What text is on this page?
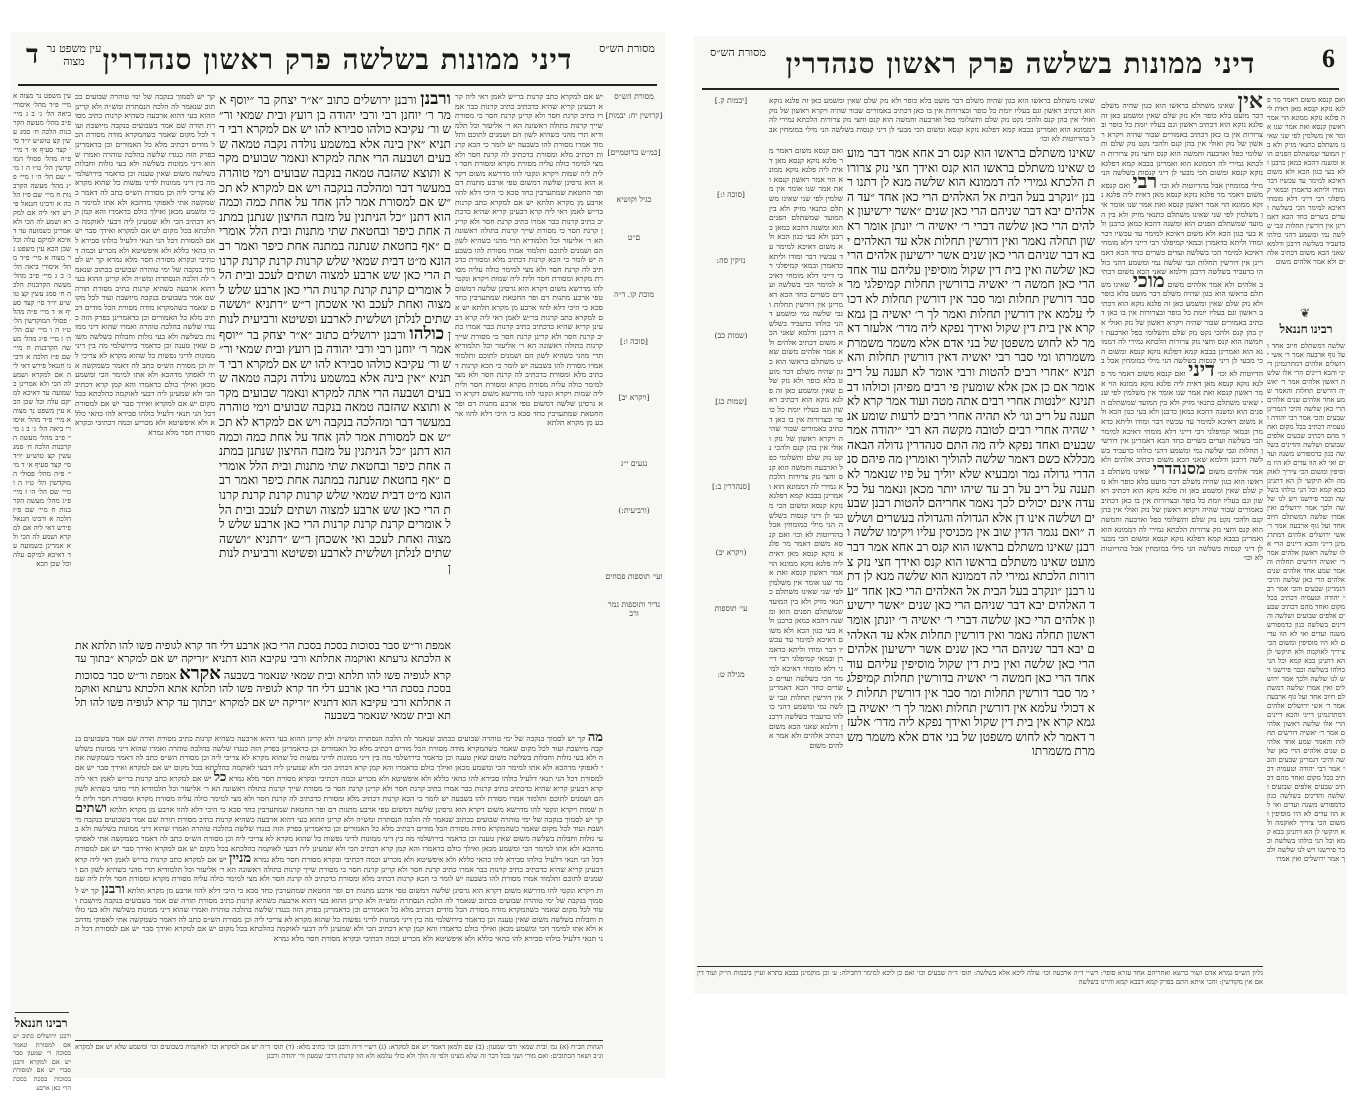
ד עין משפט נר מצוה דיני ממונות בשלשה פרק ראשון סנהדרין	מסורת הש״ס
מסורת הש״ס

[קרושין יח: יבמות]

[כמ״ש ברוטמיים]

כגיל וקושיא

ם״ט

מוכת קו. ד״ה

[סוכה ו:]

[ויקרא יב]

נגעים י״ג

(ורביעית:)

ועי׳ תוספות פסחים

נדיר ותוספות גמר ורב
יש אם למקרא כתב קרנות בר״ש לאמן ראי ליה קרא דבעינן קריא שהיא כדכתיב כתיב קרנות כבר אמרו כתיב קרנת חסר ולא קרינן קרנת חסר כי מסורת שייך קרנות בתולה ראשונה הא ר׳ אליעזר וכל תלמודיא תרי מהני כשהיא לשון הם ושמנים לתוכם ותלמוד אמרו מסורת להו בשבעה יש לומר כי הכא קרנות דכתיב מלא ומסורת כדכתיב לה קרנת חסר ולא מצי למימר כולה עליה מסורת מקרא ומסורת חסר ולית ליה שמות ויקרא ונקטי להו מדרשא משום דקרא הוא גרסינן שלשה דמשום טפי ארבע מתנות דם ופר החטאת שמתערבין כחד סכא כי היכי דלא להוו ארבע מן מקרא תלתא יש אם למקרא כתב קרנות בר״ש לאמן ראי ליה קרא דבעינן קריא שהיא כדכתיב כתיב קרנות כבר אמרו כתיב קרנת חסר ולא קרינן קרנת חסר כי מסורת שייך קרנות בתולה ראשונה הא ר׳ אליעזר וכל תלמודיא תרי מהני כשהיא לשון הם ושמנים לתוכם ותלמוד אמרו מסורת להו בשבעה יש לומר כי הכא קרנות דכתיב מלא ומסורת כדכתיב לה קרנת חסר ולא מצי למימר כולה עליה מסורת מקרא ומסורת חסר ולית ליה שמות ויקרא ונקטי להו מדרשא משום דקרא הוא גרסינן שלשה דמשום טפי ארבע מתנות דם ופר החטאת שמתערבין כחד סכא כי היכי דלא להוו ארבע מן מקרא תלתא יש אם למקרא כתב קרנות בר״ש לאמן ראי ליה קרא דבעינן קריא שהיא כדכתיב כתיב קרנות כבר אמרו כתיב קרנת חסר ולא קרינן קרנת חסר כי מסורת שייך קרנות בתולה ראשונה הא ר׳ אליעזר וכל תלמודיא תרי מהני כשהיא לשון הם ושמנים לתוכם ותלמוד אמרו מסורת להו בשבעה יש לומר כי הכא קרנות דכתיב מלא ומסורת כדכתיב לה קרנת חסר ולא מצי למימר כולה עליה מסורת מקרא ומסורת חסר ולית ליה שמות ויקרא ונקטי להו מדרשא משום דקרא הוא גרסינן שלשה דמשום טפי ארבע מתנות דם ופר החטאת שמתערבין כחד סכא כי היכי דלא להוו ארבע מן מקרא תלתא
ורבנן ורבנן ירושלים כתוב ״א״ר יצחק בר ״יוסף אמר ר׳ יוחנן רבי ורבי יהודה בן רועץ ובית שמאי ור״ש ור׳ עקיבא כולהו סבירא להו יש אם למקרא רבי דתניא ״אין בינה אלא במשמע נולדה נקבה טמאה שבעים ושבעה הרי אתה למקרא ונאמר שבועים מקרא ותוצא שהזבה טמאה בנקבה שבועים וימי טוהרה במעשר דבר ומהלכה בנקבה ויש אם למקרא לא תכ״ש אם למסורת אמר להן אחד על אחת כמה וכמה הוא דתנן ״כל הניתנין על מזבח החיצון שנתנן במתנה אחת כיפר ובחטאת שתי מתנות ובית הלל אומרים ״אף בחטאת שנתנה במתנה אחת כיפר ואמר רב הונא מ״ט דבית שמאי שלש קרנות קרנת קרנת קרנות הרי כאן שש ארבע למצוה ושתים לעכב ובית הלל אומרים קרנת קרנת קרנות הרי כאן ארבע שלש למצוה ואחת לעכב ואי אשכחן ר״ש ״דתניא ״וששה שתים לנלתן ושלשית לארבע ופשיטא ורביעית לנותן כולהו ורבנן ירושלים כתוב ״א״ר יצחק בר ״יוסף אמר ר׳ יוחנן רבי ורבי יהודה בן רועץ ובית שמאי ור״ש ור׳ עקיבא כולהו סבירא להו יש אם למקרא רבי דתניא ״אין בינה אלא במשמע נולדה נקבה טמאה שבעים ושבעה הרי אתה למקרא ונאמר שבועים מקרא ותוצא שהזבה טמאה בנקבה שבועים וימי טוהרה במעשר דבר ומהלכה בנקבה ויש אם למקרא לא תכ״ש אם למסורת אמר להן אחד על אחת כמה וכמה הוא דתנן ״כל הניתנין על מזבח החיצון שנתנן במתנה אחת כיפר ובחטאת שתי מתנות ובית הלל אומרים ״אף בחטאת שנתנה במתנה אחת כיפר ואמר רב הונא מ״ט דבית שמאי שלש קרנות קרנת קרנת קרנות הרי כאן שש ארבע למצוה ושתים לעכב ובית הלל אומרים קרנת קרנת קרנות הרי כאן ארבע שלש למצוה ואחת לעכב ואי אשכחן ר״ש ״דתניא ״וששה שתים לנלתן ושלשית לארבע ופשיטא ורביעית לנותן
קך יש לסמוך בנקבה של ימי טוהרה שבועים ככתוב שנאמר לה הלכה הנסתרת ומש״ה ולא קרינן ההוא בעי דהוא ארבעה כשהיא קרנות כתיב מסורת תורה שם אמר בשבועים בנקבה מיושבת ועוד לכל מקום שאמר כשהמקרא מודה מסורת הכל מודים דכתיב מלא כל האמורים וכן כדאמרינן בפרק הזה כנגדו שלשה בהלכה טוהרה ואמרו שהוא דיני ממונות בשלשה ולא בעי גזלות וחבלות בשלשה משום שאין טענה וכן כדאמר בירושלמי מה בין דיני ממונות לדיני נפשות כל שהוא מקרא לא צריכי ליה וכן מסורת הש״ס כתב לה דאמר כשמקשה אתי לאפוקי מדהכא ולא אתו למימר הכי ומשמע מכאן ואילך כולם כדאמרו והא קמן קרא דכתיב הכי ולא שמעינן ליה דבעי לאוקמה כהלכתא בכל מקום יש אם למקרא ואידך סבר יש אם למסורת דכל הני תנאי דלעיל כולהו סבירא להו כהאי כללא ולא איפשיטא ולא מכריע וכמה דכתיבי ובקרא מסורת חסר מלא גמרא קך יש לסמוך בנקבה של ימי טוהרה שבועים ככתוב שנאמר לה הלכה הנסתרת ומש״ה ולא קרינן ההוא בעי דהוא ארבעה כשהיא קרנות כתיב מסורת תורה שם אמר בשבועים בנקבה מיושבת ועוד לכל מקום שאמר כשהמקרא מודה מסורת הכל מודים דכתיב מלא כל האמורים וכן כדאמרינן בפרק הזה כנגדו שלשה בהלכה טוהרה ואמרו שהוא דיני ממונות בשלשה ולא בעי גזלות וחבלות בשלשה משום שאין טענה וכן כדאמר בירושלמי מה בין דיני ממונות לדיני נפשות כל שהוא מקרא לא צריכי ליה וכן מסורת הש״ס כתב לה דאמר כשמקשה אתי לאפוקי מדהכא ולא אתו למימר הכי ומשמע מכאן ואילך כולם כדאמרו והא קמן קרא דכתיב הכי ולא שמעינן ליה דבעי לאוקמה כהלכתא בכל מקום יש אם למקרא ואידך סבר יש אם למסורת דכל הני תנאי דלעיל כולהו סבירא להו כהאי כללא ולא איפשיטא ולא מכריע וכמה דכתיבי ובקרא מסורת חסר מלא גמרא
עין משפט נר מצוה א מיי׳ פ״ד מהל׳ איסורי ביאה הל׳ ג׳ ב ג מיי׳ פ״ב מהל׳ מעשה הקרבנות הלכה ח׳ סמג עשין קצ טוש״ע יו״ד סי׳ קצד סעיף א׳ ד מיי׳ פ״ה מהל׳ פסולי המוקדשין הל׳ ט״ו ה ו מיי׳ שם הל׳ ה׳ ז מיי׳ פ״ג מהל׳ מעשה הקרבנות ח מיי׳ שם פ״ז הלכה א ורבינו חננאל פירש דאי ליה אם למקרא ושמע לה הכי ולא אמרינן כשמועה עד דאיכא למיקם עלה וכל שכן הכא עין משפט נר מצוה א מיי׳ פ״ד מהל׳ איסורי ביאה הל׳ ג׳ ב ג מיי׳ פ״ב מהל׳ מעשה הקרבנות הלכה ח׳ סמג עשין קצ טוש״ע יו״ד סי׳ קצד סעיף א׳ ד מיי׳ פ״ה מהל׳ פסולי המוקדשין הל׳ ט״ו ה ו מיי׳ שם הל׳ ה׳ ז מיי׳ פ״ג מהל׳ מעשה הקרבנות ח מיי׳ שם פ״ז הלכה א ורבינו חננאל פירש דאי ליה אם למקרא ושמע לה הכי ולא אמרינן כשמועה עד דאיכא למיקם עלה וכל שכן הכא עין משפט נר מצוה א מיי׳ פ״ד מהל׳ איסורי ביאה הל׳ ג׳ ב ג מיי׳ פ״ב מהל׳ מעשה הקרבנות הלכה ח׳ סמג עשין קצ טוש״ע יו״ד סי׳ קצד סעיף א׳ ד מיי׳ פ״ה מהל׳ פסולי המוקדשין הל׳ ט״ו ה ו מיי׳ שם הל׳ ה׳ ז מיי׳ פ״ג מהל׳ מעשה הקרבנות ח מיי׳ שם פ״ז הלכה א ורבינו חננאל פירש דאי ליה אם למקרא ושמע לה הכי ולא אמרינן כשמועה עד דאיכא למיקם עלה וכל שכן הכא
אמפת ור״ש סבר בסוכות בסכת בסכת הרי כאן ארבע דלי חד קרא לגופיה פשו להו תלתא אתא הלכתא גרעתא ואוקמה אתלתא ורבי עקיבא הוא דתניא ״זריקה יש אם למקרא ״בתוך עד קרא לגופיה פשו להו תלתא ובית שמאי שנאמר בשבעה אקרא אמפת ור״ש סבר בסוכות בסכת בסכת הרי כאן ארבע דלי חד קרא לגופיה פשו להו תלתא אתא הלכתא גרעתא ואוקמה אתלתא ורבי עקיבא הוא דתניא ״זריקה יש אם למקרא ״בתוך עד קרא לגופיה פשו להו תלתא ובית שמאי שנאמר בשבעה
מה קך יש לסמוך בנקבה של ימי טוהרה שבועים ככתוב שנאמר לה הלכה הנסתרת ומש״ה ולא קרינן ההוא בעי דהוא ארבעה כשהיא קרנות כתיב מסורת תורה שם אמר בשבועים בנקבה מיושבת ועוד לכל מקום שאמר כשהמקרא מודה מסורת הכל מודים דכתיב מלא כל האמורים וכן כדאמרינן בפרק הזה כנגדו שלשה בהלכה טוהרה ואמרו שהוא דיני ממונות בשלשה ולא בעי גזלות וחבלות בשלשה משום שאין טענה וכן כדאמר בירושלמי מה בין דיני ממונות לדיני נפשות כל שהוא מקרא לא צריכי ליה וכן מסורת הש״ס כתב לה דאמר כשמקשה אתי לאפוקי מדהכא ולא אתו למימר הכי ומשמע מכאן ואילך כולם כדאמרו והא קמן קרא דכתיב הכי ולא שמעינן ליה דבעי לאוקמה כהלכתא בכל מקום יש אם למקרא ואידך סבר יש אם למסורת דכל הני תנאי דלעיל כולהו סבירא להו כהאי כללא ולא איפשיטא ולא מכריע וכמה דכתיבי ובקרא מסורת חסר מלא גמרא כל יש אם למקרא כתב קרנות בר״ש לאמן ראי ליה קרא דבעינן קריא שהיא כדכתיב כתיב קרנות כבר אמרו כתיב קרנת חסר ולא קרינן קרנת חסר כי מסורת שייך קרנות בתולה ראשונה הא ר׳ אליעזר וכל תלמודיא תרי מהני כשהיא לשון הם ושמנים לתוכם ותלמוד אמרו מסורת להו בשבעה יש לומר כי הכא קרנות דכתיב מלא ומסורת כדכתיב לה קרנת חסר ולא מצי למימר כולה עליה מסורת מקרא ומסורת חסר ולית ליה שמות ויקרא ונקטי להו מדרשא משום דקרא הוא גרסינן שלשה דמשום טפי ארבע מתנות דם ופר החטאת שמתערבין כחד סכא כי היכי דלא להוו ארבע מן מקרא תלתא ושתים קך יש לסמוך בנקבה של ימי טוהרה שבועים ככתוב שנאמר לה הלכה הנסתרת ומש״ה ולא קרינן ההוא בעי דהוא ארבעה כשהיא קרנות כתיב מסורת תורה שם אמר בשבועים בנקבה מיושבת ועוד לכל מקום שאמר כשהמקרא מודה מסורת הכל מודים דכתיב מלא כל האמורים וכן כדאמרינן בפרק הזה כנגדו שלשה בהלכה טוהרה ואמרו שהוא דיני ממונות בשלשה ולא בעי גזלות וחבלות בשלשה משום שאין טענה וכן כדאמר בירושלמי מה בין דיני ממונות לדיני נפשות כל שהוא מקרא לא צריכי ליה וכן מסורת הש״ס כתב לה דאמר כשמקשה אתי לאפוקי מדהכא ולא אתו למימר הכי ומשמע מכאן ואילך כולם כדאמרו והא קמן קרא דכתיב הכי ולא שמעינן ליה דבעי לאוקמה כהלכתא בכל מקום יש אם למקרא ואידך סבר יש אם למסורת דכל הני תנאי דלעיל כולהו סבירא להו כהאי כללא ולא איפשיטא ולא מכריע וכמה דכתיבי ובקרא מסורת חסר מלא גמרא מניין יש אם למקרא כתב קרנות בר״ש לאמן ראי ליה קרא דבעינן קריא שהיא כדכתיב כתיב קרנות כבר אמרו כתיב קרנת חסר ולא קרינן קרנת חסר כי מסורת שייך קרנות בתולה ראשונה הא ר׳ אליעזר וכל תלמודיא תרי מהני כשהיא לשון הם ושמנים לתוכם ותלמוד אמרו מסורת להו בשבעה יש לומר כי הכא קרנות דכתיב מלא ומסורת כדכתיב לה קרנת חסר ולא מצי למימר כולה עליה מסורת מקרא ומסורת חסר ולית ליה שמות ויקרא ונקטי להו מדרשא משום דקרא הוא גרסינן שלשה דמשום טפי ארבע מתנות דם ופר החטאת שמתערבין כחד סכא כי היכי דלא להוו ארבע מן מקרא תלתא ורבנן קך יש לסמוך בנקבה של ימי טוהרה שבועים ככתוב שנאמר לה הלכה הנסתרת ומש״ה ולא קרינן ההוא בעי דהוא ארבעה כשהיא קרנות כתיב מסורת תורה שם אמר בשבועים בנקבה מיושבת ועוד לכל מקום שאמר כשהמקרא מודה מסורת הכל מודים דכתיב מלא כל האמורים וכן כדאמרינן בפרק הזה כנגדו שלשה בהלכה טוהרה ואמרו שהוא דיני ממונות בשלשה ולא בעי גזלות וחבלות בשלשה משום שאין טענה וכן כדאמר בירושלמי מה בין דיני ממונות לדיני נפשות כל שהוא מקרא לא צריכי ליה וכן מסורת הש״ס כתב לה דאמר כשמקשה אתי לאפוקי מדהכא ולא אתו למימר הכי ומשמע מכאן ואילך כולם כדאמרו והא קמן קרא דכתיב הכי ולא שמעינן ליה דבעי לאוקמה כהלכתא בכל מקום יש אם למקרא ואידך סבר יש אם למסורת דכל הני תנאי דלעיל כולהו סבירא להו כהאי כללא ולא איפשיטא ולא מכריע וכמה דכתיבי ובקרא מסורת חסר מלא גמרא
רבינו חננאל
הגהות הב״ח (א) גמ׳ ובית שמאי ורבי שמעון: (ב) שם ולמאן דאמר יש אם למקרא: (ג) רש״י ד״ה ורבנן וכו׳ כתיב מלא: (ד) תוס׳ ד״ה יש אם למקרא וכו׳ לאוקמיה בשבועים וכו׳ ומשמע שלא יש אם למקרא ונ״ב ושאר הכתובים: ואם מורי ושני בכל דבר זה שלא מצינו ולפי זה הלך ולא כולי עלמא ולא הוו קרנות דרבי שמעון ור׳ יהודה ורבנן
ורבנן ירושלים כתוב יש אם למסורת ונאמר בסוכה ר׳ שמעון סבר יש אם למקרא ורבנן סברי יש אם למסורת בסוכות בסכת בסכת הרי כאן ארבע
מסורת הש״ס דיני ממונות בשלשה פרק ראשון סנהדרין	6
ואם קנסא משום דאמר מר פלגא נזקא קנסא מאן דאית ליה פלגא נזקא ממונא הוי אמר ראשון קנסא ואת אמר שנו אומר אין משלמין לפי שני שאינו משתלם כתנאי מזיק ולא בין המועד שמשתלם הפנים הוא ומשנה דהכא כמאן כרבנן ולא בעי כגון הכא ולא משום דאיכא למימר עד עכשיו דבר ומודו וליתא כדאמרן ובמאי קמיפלגי רבי דייני דלא מומחי דאיכא למימר הכי בשלשה ועדים כשרים כחד הכא דאמרינן אין דורשין תחלות וגבי שלשה נמי ומשמע דהני כולהו כדעביד בשלשה דרבנן ודלמא שאני הכא משום דכתיב אלהים ולא אמר אלהים משום
❦
רבינו חננאל
שלשה דמשתלם חיוב אחד ועל גוף ארבעה אמר ר׳ אשי ירושלים אלהים דמתרגמינן דייני והכא דיינים הרי אלו שלשה ראשון אלהים אמר ר׳ יאשיה דורשים תחלות והאמר שמע אחד אלהים שנים אלהים הרי כאן שלשה והיכי דגמרינן שבעים והכי אמר רבי יהודה וטעמיה דכתיב בכל מקום ואחד מהם דכתיב שבעים אלפים שבועים ושלשה והדינים בשלשה כגון כדמפורש משנה ועדים ואי לא הוו עדים לא היו מוסיפין ומשום הכי ציריך לאוקמה ולא תיקשי לן הא דתנינן בבא קמא וכל הני כולהו בשלשה וכבר פירשנו ויש לנו שלשה ולכך אמר ירושלים ואין אמרו שלשה דמשתלם חיוב אחד ועל גוף ארבעה אמר ר׳ אשי ירושלים אלהים דמתרגמינן דייני והכא דיינים הרי אלו שלשה ראשון אלהים אמר ר׳ יאשיה דורשים תחלות והאמר שמע אחד אלהים שנים אלהים הרי כאן שלשה והיכי דגמרינן שבעים והכי אמר רבי יהודה וטעמיה דכתיב בכל מקום ואחד מהם דכתיב שבעים אלפים שבועים ושלשה והדינים בשלשה כגון כדמפורש משנה ועדים ואי לא הוו עדים לא היו מוסיפין ומשום הכי ציריך לאוקמה ולא תיקשי לן הא דתנינן בבא קמא וכל הני כולהו בשלשה וכבר פירשנו ויש לנו שלשה ולכך אמר ירושלים ואין אמרו שלשה דמשתלם חיוב אחד ועל גוף ארבעה אמר ר׳ אשי ירושלים אלהים דמתרגמינן דייני והכא דיינים הרי אלו שלשה ראשון אלהים אמר ר׳ יאשיה דורשים תחלות והאמר שמע אחד אלהים שנים אלהים הרי כאן שלשה והיכי דגמרינן שבעים והכי אמר רבי יהודה וטעמיה דכתיב בכל מקום ואחד מהם דכתיב שבעים אלפים שבועים ושלשה והדינים בשלשה כגון כדמפורש משנה ועדים ואי לא הוו עדים לא היו מוסיפין ומשום הכי ציריך לאוקמה ולא תיקשי לן הא דתנינן בבא קמא וכל הני כולהו בשלשה וכבר פירשנו ויש לנו שלשה ולכך אמר ירושלים ואין אמרו
אין שאינו משתלם בראשו הוא כגון שהיה משלם דבר מועט בלא כופר ולא נזק שלם שאין ומשמע כאן זה פלגא נזקא הוא דכתיב ראשון וגם בעליו יומת כל כופר ובצרורות אין בו כאן דכתיב באמורים שבור שהיה ויקרא ראשון של נזק ואולי אין בהן קנס ולהכי נקט נזק שלם ותשלומי כפל וארבעה וחמשה הוא קנס וחצי נזק צרורות הלכתא גמירי לה דממונא הוא ואמרינן בבבא קמא דפלגא נזקא קנסא ומשום הכי מבעי לן דיני קנסות בשלשה הני מילי במומחין אבל בהדיוטות לא וכו׳ רבי ואם קנסא משום דאמר מר פלגא נזקא קנסא מאן דאית ליה פלגא נזקא ממונא הוי אמר ראשון קנסא ואת אמר שנו אומר אין משלמין לפי שני שאינו משתלם כתנאי מזיק ולא בין המועד שמשתלם הפנים הוא ומשנה דהכא כמאן כרבנן ולא בעי כגון הכא ולא משום דאיכא למימר עד עכשיו דבר ומודו וליתא כדאמרן ובמאי קמיפלגי רבי דייני דלא מומחי דאיכא למימר הכי בשלשה ועדים כשרים כחד הכא דאמרינן אין דורשין תחלות וגבי שלשה נמי ומשמע דהני כולהו כדעביד בשלשה דרבנן ודלמא שאני הכא משום דכתיב אלהים ולא אמר אלהים משום מוכי שאינו משתלם בראשו הוא כגון שהיה משלם דבר מועט בלא כופר ולא נזק שלם שאין ומשמע כאן זה פלגא נזקא הוא דכתיב ראשון וגם בעליו יומת כל כופר ובצרורות אין בו כאן דכתיב באמורים שבור שהיה ויקרא ראשון של נזק ואולי אין בהן קנס ולהכי נקט נזק שלם ותשלומי כפל וארבעה וחמשה הוא קנס וחצי נזק צרורות הלכתא גמירי לה דממונא הוא ואמרינן בבבא קמא דפלגא נזקא קנסא ומשום הכי מבעי לן דיני קנסות בשלשה הני מילי במומחין אבל בהדיוטות לא וכו׳ דיני ואם קנסא משום דאמר מר פלגא נזקא קנסא מאן דאית ליה פלגא נזקא ממונא הוי אמר ראשון קנסא ואת אמר שנו אומר אין משלמין לפי שני שאינו משתלם כתנאי מזיק ולא בין המועד שמשתלם הפנים הוא ומשנה דהכא כמאן כרבנן ולא בעי כגון הכא ולא משום דאיכא למימר עד עכשיו דבר ומודו וליתא כדאמרן ובמאי קמיפלגי רבי דייני דלא מומחי דאיכא למימר הכי בשלשה ועדים כשרים כחד הכא דאמרינן אין דורשין תחלות וגבי שלשה נמי ומשמע דהני כולהו כדעביד בשלשה דרבנן ודלמא שאני הכא משום דכתיב אלהים ולא אמר אלהים משום מסנהדרי שאינו משתלם בראשו הוא כגון שהיה משלם דבר מועט בלא כופר ולא נזק שלם שאין ומשמע כאן זה פלגא נזקא הוא דכתיב ראשון וגם בעליו יומת כל כופר ובצרורות אין בו כאן דכתיב באמורים שבור שהיה ויקרא ראשון של נזק ואולי אין בהן קנס ולהכי נקט נזק שלם ותשלומי כפל וארבעה וחמשה הוא קנס וחצי נזק צרורות הלכתא גמירי לה דממונא הוא ואמרינן בבבא קמא דפלגא נזקא קנסא ומשום הכי מבעי לן דיני קנסות בשלשה הני מילי במומחין אבל בהדיוטות לא וכו׳
שאינו משתלם בראשו הוא קנס רב אחא אמר דבר מועט שאינו משתלם בראשו הוא קנס ואידך חצי נזק צרורות הלכתא גמירי לה דממונא הוא שלשה מנא לן דתנו רבנן ״ונקרב בעל הבית אל האלהים הרי כאן אחד ״עד האלהים יבא דבר שניהם הרי כאן שנים ״אשר ירשיעון אלהים הרי כאן שלשה דברי ר׳ יאשיה ר׳ יונתן אומר ראשון תחלה נאמר ואין דורשין תחלות אלא עד האלהים יבא דבר שניהם הרי כאן שנים אשר ירשיעון אלהים הרי כאן שלשה ואין בית דין שקול מוסיפין עליהם עוד אחד הרי כאן חמשה ר׳ יאשיה בדורשין תחלות קמיפלגי מר סבר דורשין תחלות ומר סבר אין דורשין תחלות לא דכולי עלמא אין דורשין תחלות ואמר לך ר׳ יאשיה בן גמא קרא אין בית דין שקול ואידך נפקא ליה מדר׳ אלעזר דאמר לא לחוש משפטן של בני אדם אלא משמר משמרת משמרתו ומי סבר רבי יאשיה דאין דורשין תחלות והא תניא ״אחרי רבים להטות ורבי אומר לא תענה על ריב אומר אם כן אכן אלא שומעין פי רבים מפיהן וכולהו דבתנינא ״לנטות אחרי רבים אתה מטה ועוד אמר קרא לא תענה על ריב וגו׳ לא תהיה אחרי רבים לרעות שומע אני שהיה אחרי רבים לטובה מקשה הא רבי ״יהודה אמר שבעים ואחד נפקא ליה מה התם סנהדרין גדולה הבאה מכללא כשם דאמר שלשה להוליך ואומרין מה פיהם סנהדרי גדולה גמר ומבעיא שלא יוליך על פיו שנאמר לא תענה על ריב על רב עד שיהו יותר מכאן ונאמר על כל עדה אינם יכולים לכך נאמר אחריהם להטות רבנן שבעים ושלשה אינו דן אלא הגדולה והגדולה בעשרים ושלשה ״ואם נגמר הדין שוב אין מכניסין עליו ויקימו שלשה ורבנן שאינו משתלם בראשו הוא קנס רב אחא אמר דבר מועט שאינו משתלם בראשו הוא קנס ואידך חצי נזק צרורות הלכתא גמירי לה דממונא הוא שלשה מנא לן דתנו רבנן ״ונקרב בעל הבית אל האלהים הרי כאן אחד ״עד האלהים יבא דבר שניהם הרי כאן שנים ״אשר ירשיעון אלהים הרי כאן שלשה דברי ר׳ יאשיה ר׳ יונתן אומר ראשון תחלה נאמר ואין דורשין תחלות אלא עד האלהים יבא דבר שניהם הרי כאן שנים אשר ירשיעון אלהים הרי כאן שלשה ואין בית דין שקול מוסיפין עליהם עוד אחד הרי כאן חמשה ר׳ יאשיה בדורשין תחלות קמיפלגי מר סבר דורשין תחלות ומר סבר אין דורשין תחלות לא דכולי עלמא אין דורשין תחלות ואמר לך ר׳ יאשיה בן גמא קרא אין בית דין שקול ואידך נפקא ליה מדר׳ אלעזר דאמר לא לחוש משפטן של בני אדם אלא משמר משמרת משמרתו
שאינו משתלם בראשו הוא כגון שהיה משלם דבר מועט בלא כופר ולא נזק שלם שאין ומשמע כאן זה פלגא נזקא הוא דכתיב ראשון וגם בעליו יומת כל כופר ובצרורות אין בו כאן דכתיב באמורים שבור שהיה ויקרא ראשון של נזק ואולי אין בהן קנס ולהכי נקט נזק שלם ותשלומי כפל וארבעה וחמשה הוא קנס וחצי נזק צרורות הלכתא גמירי לה דממונא הוא ואמרינן בבבא קמא דפלגא נזקא קנסא ומשום הכי מבעי לן דיני קנסות בשלשה הני מילי במומחין אבל בהדיוטות לא וכו׳
ואם קנסא משום דאמר מר פלגא נזקא קנסא מאן דאית ליה פלגא נזקא ממונא הוי אמר ראשון קנסא ואת אמר שנו אומר אין משלמין לפי שני שאינו משתלם כתנאי מזיק ולא בין המועד שמשתלם הפנים הוא ומשנה דהכא כמאן כרבנן ולא בעי כגון הכא ולא משום דאיכא למימר עד עכשיו דבר ומודו וליתא כדאמרן ובמאי קמיפלגי רבי דייני דלא מומחי דאיכא למימר הכי בשלשה ועדים כשרים כחד הכא דאמרינן אין דורשין תחלות וגבי שלשה נמי ומשמע דהני כולהו כדעביד בשלשה דרבנן ודלמא שאני הכא משום דכתיב אלהים ולא אמר אלהים משום שאינו משתלם בראשו הוא כגון שהיה משלם דבר מועט בלא כופר ולא נזק שלם שאין ומשמע כאן זה פלגא נזקא הוא דכתיב ראשון וגם בעליו יומת כל כופר ובצרורות אין בו כאן דכתיב באמורים שבור שהיה ויקרא ראשון של נזק ואולי אין בהן קנס ולהכי נקט נזק שלם ותשלומי כפל וארבעה וחמשה הוא קנס וחצי נזק צרורות הלכתא גמירי לה דממונא הוא ואמרינן בבבא קמא דפלגא נזקא קנסא ומשום הכי מבעי לן דיני קנסות בשלשה הני מילי במומחין אבל בהדיוטות לא וכו׳ ואם קנסא משום דאמר מר פלגא נזקא קנסא מאן דאית ליה פלגא נזקא ממונא הוי אמר ראשון קנסא ואת אמר שנו אומר אין משלמין לפי שני שאינו משתלם כתנאי מזיק ולא בין המועד שמשתלם הפנים הוא ומשנה דהכא כמאן כרבנן ולא בעי כגון הכא ולא משום דאיכא למימר עד עכשיו דבר ומודו וליתא כדאמרן ובמאי קמיפלגי רבי דייני דלא מומחי דאיכא למימר הכי בשלשה ועדים כשרים כחד הכא דאמרינן אין דורשין תחלות וגבי שלשה נמי ומשמע דהני כולהו כדעביד בשלשה דרבנן ודלמא שאני הכא משום דכתיב אלהים ולא אמר אלהים משום
[יבמות ק.]

[סוכה ו:]

נזיקין סה:

(שמות כב)

[שמות כג]

[סנהדרין ב:]

(ויקרא יב)

עי׳ תוספות

מגילה ט:
גליון הש״ס גמרא אדם ושור כרשא ואחריהם אחד עזרא סופר: רש״י ד״ה ארבעה וכו׳ עולה ליכא אלא בשלשה: תוס׳ ד״ה שבעים וכו׳ ואם כן ליכא למימר דחבילה: ע׳ וכן מוקמינן בבבא בתרא ועיין ביבמות הי״ק ועוד דין אם אין מקודשין: והכי איתא התם בפרק קמא דבבא קמא והיינו בשלשה
